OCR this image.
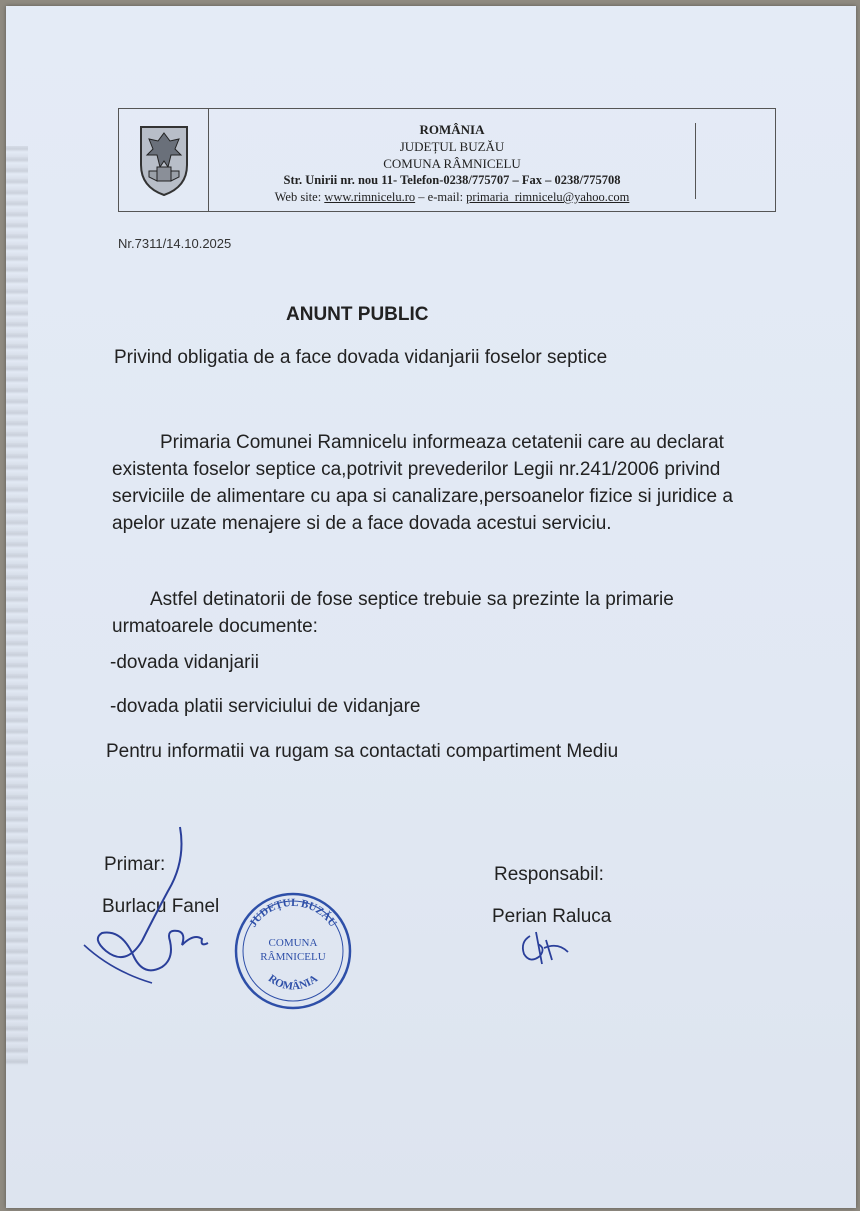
ROMÂNIA
JUDEȚUL BUZĂU
COMUNA RÂMNICELU
Str. Unirii nr. nou 11- Telefon-0238/775707 – Fax – 0238/775708
Web site: www.rimnicelu.ro – e-mail: primaria_rimnicelu@yahoo.com
Nr.7311/14.10.2025
ANUNT PUBLIC
Privind obligatia de a face dovada vidanjarii foselor septice
Primaria Comunei Ramnicelu informeaza cetatenii care au declarat existenta foselor septice ca,potrivit prevederilor Legii nr.241/2006 privind serviciile de alimentare cu apa si canalizare,persoanelor fizice si juridice a apelor uzate menajere si de a face dovada acestui serviciu.
Astfel detinatorii de fose septice trebuie sa prezinte la primarie urmatoarele documente:
-dovada vidanjarii
-dovada platii serviciului de vidanjare
Pentru informatii va rugam sa contactati compartiment Mediu
Primar:
Burlacu Fanel
Responsabil:
Perian Raluca
JUDEȚUL BUZĂU
COMUNA
RÂMNICELU
ROMÂNIA
